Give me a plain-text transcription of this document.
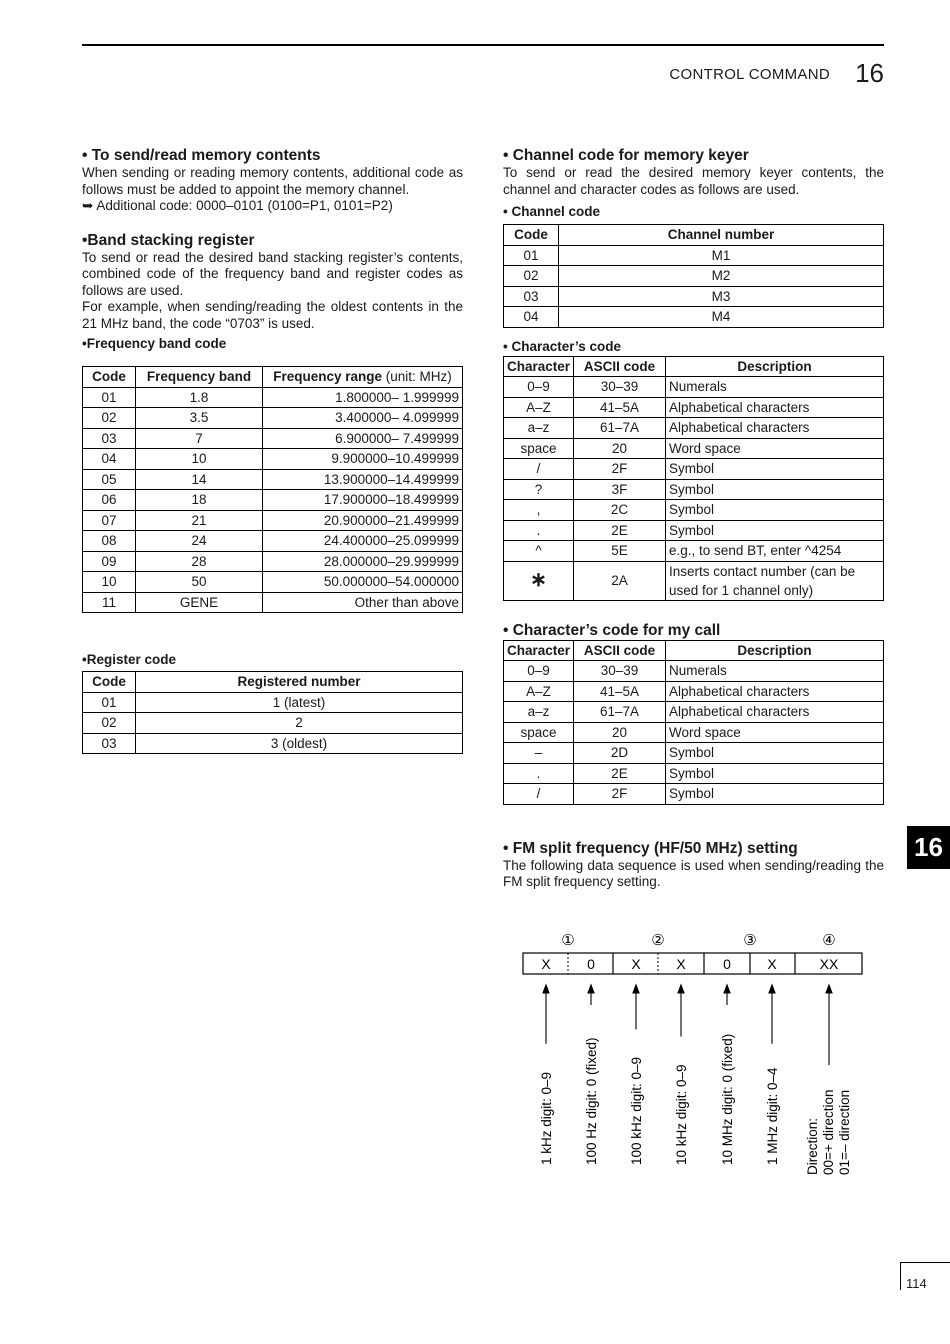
CONTROL COMMAND 16

• To send/read memory contents

When sending or reading memory contents, additional code as follows must be added to appoint the memory channel.

➥ Additional code: 0000–0101 (0100=P1, 0101=P2)

•Band stacking register

To send or read the desired band stacking register’s contents, combined code of the frequency band and register codes as follows are used.

For example, when sending/reading the oldest contents in the 21 MHz band, the code “0703” is used.

•Frequency band code
Code	Frequency band	Frequency range (unit: MHz)
01	1.8	1.800000– 1.999999
02	3.5	3.400000– 4.099999
03	7	6.900000– 7.499999
04	10	9.900000–10.499999
05	14	13.900000–14.499999
06	18	17.900000–18.499999
07	21	20.900000–21.499999
08	24	24.400000–25.099999
09	28	28.000000–29.999999
10	50	50.000000–54.000000
11	GENE	Other than above
•Register code
Code	Registered number
01	1 (latest)
02	2
03	3 (oldest)

• Channel code for memory keyer

To send or read the desired memory keyer contents, the channel and character codes as follows are used.

• Channel code
Code	Channel number
01	M1
02	M2
03	M3
04	M4
• Character’s code
Character	ASCII code	Description
0–9	30–39	Numerals
A–Z	41–5A	Alphabetical characters
a–z	61–7A	Alphabetical characters
space	20	Word space
/	2F	Symbol
?	3F	Symbol
,	2C	Symbol
.	2E	Symbol
^	5E	e.g., to send BT, enter ^4254
∗	2A	Inserts contact number (can be used for 1 channel only)

• Character’s code for my call

Character	ASCII code	Description
0–9	30–39	Numerals
A–Z	41–5A	Alphabetical characters
a–z	61–7A	Alphabetical characters
space	20	Word space
–	2D	Symbol
.	2E	Symbol
/	2F	Symbol

• FM split frequency (HF/50 MHz) setting

The following data sequence is used when sending/reading the FM split frequency setting.

①	②	③	④
X	0	X	X	0	X	XX
1 kHz digit: 0–9 100 Hz digit: 0 (fixed) 100 kHz digit: 0–9 10 kHz digit: 0–9 10 MHz digit: 0 (fixed) 1 MHz digit: 0–4 Direction: 00=+ direction 01=– direction
16
114
